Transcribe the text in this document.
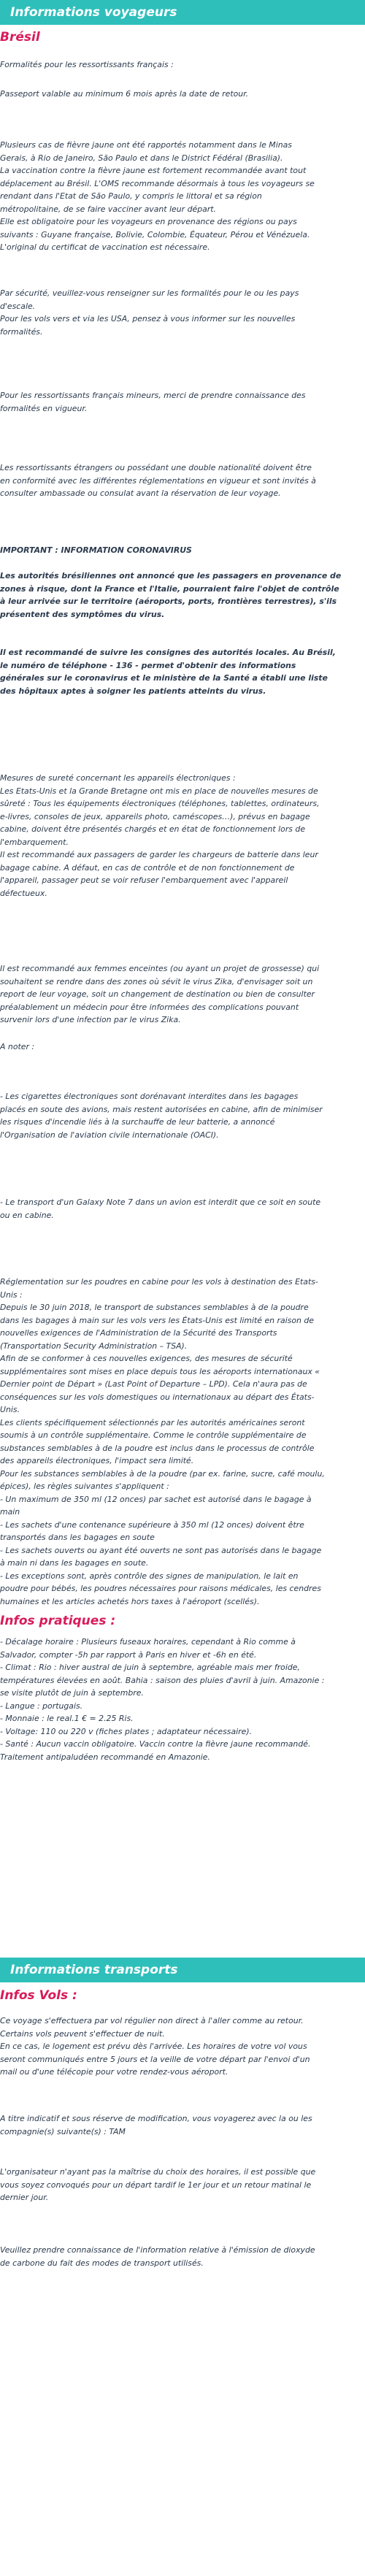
Informations voyageurs
Brésil
Formalités pour les ressortissants français :
Passeport valable au minimum 6 mois après la date de retour.
Plusieurs cas de fièvre jaune ont été rapportés notamment dans le Minas
Gerais, à Rio de Janeiro, São Paulo et dans le District Fédéral (Brasilia).
La vaccination contre la fièvre jaune est fortement recommandée avant tout
déplacement au Brésil. L'OMS recommande désormais à tous les voyageurs se
rendant dans l'Etat de São Paulo, y compris le littoral et sa région
métropolitaine, de se faire vacciner avant leur départ.
Elle est obligatoire pour les voyageurs en provenance des régions ou pays
suivants : Guyane française, Bolivie, Colombie, Équateur, Pérou et Vénézuela.
L'original du certificat de vaccination est nécessaire.
Par sécurité, veuillez-vous renseigner sur les formalités pour le ou les pays
d'escale.
Pour les vols vers et via les USA, pensez à vous informer sur les nouvelles
formalités.
Pour les ressortissants français mineurs, merci de prendre connaissance des
formalités en vigueur.
Les ressortissants étrangers ou possédant une double nationalité doivent être
en conformité avec les différentes réglementations en vigueur et sont invités à
consulter ambassade ou consulat avant la réservation de leur voyage.
IMPORTANT : INFORMATION CORONAVIRUS
Les autorités brésiliennes ont annoncé que les passagers en provenance de
zones à risque, dont la France et l'Italie, pourraient faire l'objet de contrôle
à leur arrivée sur le territoire (aéroports, ports, frontières terrestres), s'ils
présentent des symptômes du virus.
Il est recommandé de suivre les consignes des autorités locales. Au Brésil,
le numéro de téléphone - 136 - permet d'obtenir des informations
générales sur le coronavirus et le ministère de la Santé a établi une liste
des hôpitaux aptes à soigner les patients atteints du virus.
Mesures de sureté concernant les appareils électroniques :
Les Etats-Unis et la Grande Bretagne ont mis en place de nouvelles mesures de
sûreté : Tous les équipements électroniques (téléphones, tablettes, ordinateurs,
e-livres, consoles de jeux, appareils photo, caméscopes…), prévus en bagage
cabine, doivent être présentés chargés et en état de fonctionnement lors de
l'embarquement.
Il est recommandé aux passagers de garder les chargeurs de batterie dans leur
bagage cabine. A défaut, en cas de contrôle et de non fonctionnement de
l'appareil, passager peut se voir refuser l'embarquement avec l'appareil
défectueux.
Il est recommandé aux femmes enceintes (ou ayant un projet de grossesse) qui
souhaitent se rendre dans des zones où sévit le virus Zika, d'envisager soit un
report de leur voyage, soit un changement de destination ou bien de consulter
préalablement un médecin pour être informées des complications pouvant
survenir lors d'une infection par le virus Zika.
A noter :
- Les cigarettes électroniques sont dorénavant interdites dans les bagages
placés en soute des avions, mais restent autorisées en cabine, afin de minimiser
les risques d'incendie liés à la surchauffe de leur batterie, a annoncé
l'Organisation de l'aviation civile internationale (OACI).
- Le transport d'un Galaxy Note 7 dans un avion est interdit que ce soit en soute
ou en cabine.
Réglementation sur les poudres en cabine pour les vols à destination des Etats-
Unis :
Depuis le 30 juin 2018, le transport de substances semblables à de la poudre
dans les bagages à main sur les vols vers les États-Unis est limité en raison de
nouvelles exigences de l'Administration de la Sécurité des Transports
(Transportation Security Administration – TSA).
Afin de se conformer à ces nouvelles exigences, des mesures de sécurité
supplémentaires sont mises en place depuis tous les aéroports internationaux «
Dernier point de Départ » (Last Point of Departure – LPD). Cela n'aura pas de
conséquences sur les vols domestiques ou internationaux au départ des États-
Unis.
Les clients spécifiquement sélectionnés par les autorités américaines seront
soumis à un contrôle supplémentaire. Comme le contrôle supplémentaire de
substances semblables à de la poudre est inclus dans le processus de contrôle
des appareils électroniques, l'impact sera limité.
Pour les substances semblables à de la poudre (par ex. farine, sucre, café moulu,
épices), les règles suivantes s'appliquent :
- Un maximum de 350 ml (12 onces) par sachet est autorisé dans le bagage à
main
- Les sachets d'une contenance supérieure à 350 ml (12 onces) doivent être
transportés dans les bagages en soute
- Les sachets ouverts ou ayant été ouverts ne sont pas autorisés dans le bagage
à main ni dans les bagages en soute.
- Les exceptions sont, après contrôle des signes de manipulation, le lait en
poudre pour bébés, les poudres nécessaires pour raisons médicales, les cendres
humaines et les articles achetés hors taxes à l'aéroport (scellés).
Infos pratiques :
- Décalage horaire : Plusieurs fuseaux horaires, cependant à Rio comme à
Salvador, compter -5h par rapport à Paris en hiver et -6h en été.
- Climat : Rio : hiver austral de juin à septembre, agréable mais mer froide,
températures élevées en août. Bahia : saison des pluies d'avril à juin. Amazonie :
se visite plutôt de juin à septembre.
- Langue : portugais.
- Monnaie : le real.1 € = 2.25 Ris.
- Voltage: 110 ou 220 v (fiches plates ; adaptateur nécessaire).
- Santé : Aucun vaccin obligatoire. Vaccin contre la fièvre jaune recommandé.
Traitement antipaludéen recommandé en Amazonie.
Informations transports
Infos Vols :
Ce voyage s'effectuera par vol régulier non direct à l'aller comme au retour.
Certains vols peuvent s'effectuer de nuit.
En ce cas, le logement est prévu dès l'arrivée. Les horaires de votre vol vous
seront communiqués entre 5 jours et la veille de votre départ par l'envoi d'un
mail ou d'une télécopie pour votre rendez-vous aéroport.
A titre indicatif et sous réserve de modification, vous voyagerez avec la ou les
compagnie(s) suivante(s) : TAM
L'organisateur n'ayant pas la maîtrise du choix des horaires, il est possible que
vous soyez convoqués pour un départ tardif le 1er jour et un retour matinal le
dernier jour.
Veuillez prendre connaissance de l'information relative à l'émission de dioxyde
de carbone du fait des modes de transport utilisés.
